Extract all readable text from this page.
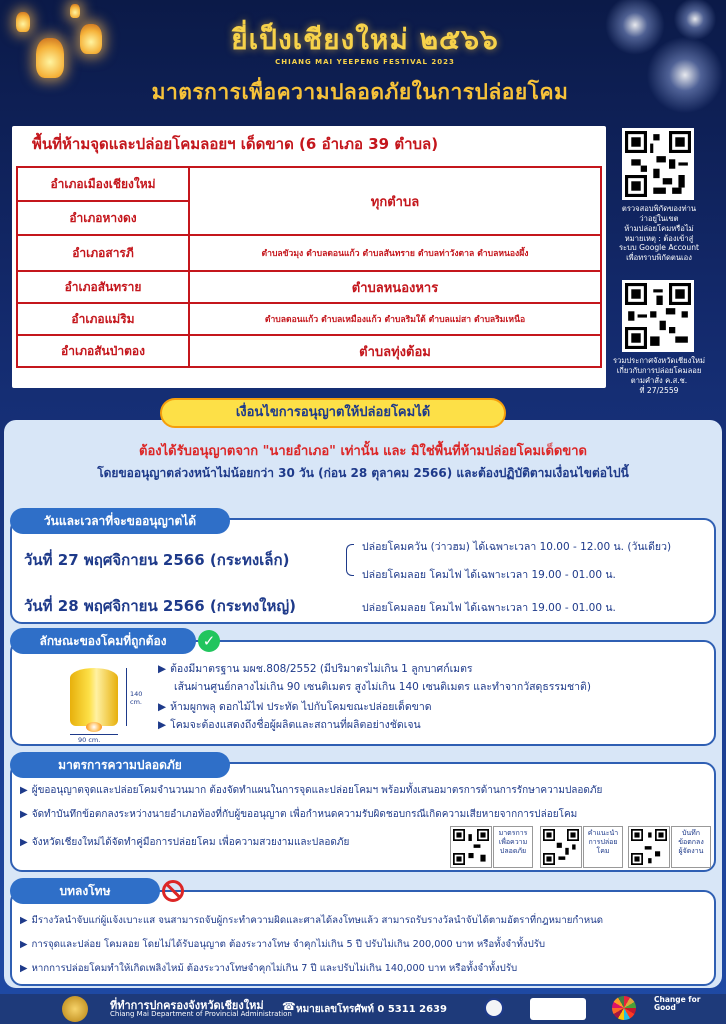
ยี่เป็งเชียงใหม่ ๒๕๖๖
CHIANG MAI YEEPENG FESTIVAL 2023
มาตรการเพื่อความปลอดภัยในการปล่อยโคม
พื้นที่ห้ามจุดและปล่อยโคมลอยฯ เด็ดขาด (6 อำเภอ 39 ตำบล)
อำเภอเมืองเชียงใหม่	ทุกตำบล
อำเภอหางดง	
อำเภอสารภี	ตำบลขัวมุง ตำบลดอนแก้ว ตำบลสันทราย ตำบลท่าวังตาล ตำบลหนองผึ้ง
อำเภอสันทราย	ตำบลหนองหาร
อำเภอแม่ริม	ตำบลดอนแก้ว ตำบลเหมืองแก้ว ตำบลริมใต้ ตำบลแม่สา ตำบลริมเหนือ
อำเภอสันป่าตอง	ตำบลทุ่งต้อม
ตรวจสอบพิกัดของท่าน
ว่าอยู่ในเขต
ห้ามปล่อยโคมหรือไม่
หมายเหตุ : ต้องเข้าสู่
ระบบ Google Account
เพื่อทราบพิกัดตนเอง
รวมประกาศจังหวัดเชียงใหม่
เกี่ยวกับการปล่อยโคมลอย
ตามคำสั่ง ค.ส.ช.
ที่ 27/2559
เงื่อนไขการอนุญาตให้ปล่อยโคมได้
ต้องได้รับอนุญาตจาก "นายอำเภอ" เท่านั้น และ มิใช่พื้นที่ห้ามปล่อยโคมเด็ดขาด
โดยขออนุญาตล่วงหน้าไม่น้อยกว่า 30 วัน (ก่อน 28 ตุลาคม 2566) และต้องปฏิบัติตามเงื่อนไขต่อไปนี้
วันและเวลาที่จะขออนุญาตได้
วันที่ 27 พฤศจิกายน 2566 (กระทงเล็ก)
ปล่อยโคมควัน (ว่าวฮม) ได้เฉพาะเวลา 10.00 - 12.00 น. (วันเดียว)
ปล่อยโคมลอย โคมไฟ ได้เฉพาะเวลา 19.00 - 01.00 น.
วันที่ 28 พฤศจิกายน 2566 (กระทงใหญ่)	ปล่อยโคมลอย โคมไฟ ได้เฉพาะเวลา 19.00 - 01.00 น.
ลักษณะของโคมที่ถูกต้อง	✓
140 cm.
90 cm.
▶ ต้องมีมาตรฐาน มผช.808/2552 (มีปริมาตรไม่เกิน 1 ลูกบาศก์เมตร
เส้นผ่านศูนย์กลางไม่เกิน 90 เซนติเมตร สูงไม่เกิน 140 เซนติเมตร และทำจากวัสดุธรรมชาติ)
▶ ห้ามผูกพลุ ดอกไม้ไฟ ประทัด ไปกับโคมขณะปล่อยเด็ดขาด
▶ โคมจะต้องแสดงถึงชื่อผู้ผลิตและสถานที่ผลิตอย่างชัดเจน
มาตรการความปลอดภัย
▶ ผู้ขออนุญาตจุดและปล่อยโคมจำนวนมาก ต้องจัดทำแผนในการจุดและปล่อยโคมฯ พร้อมทั้งเสนอมาตรการด้านการรักษาความปลอดภัย
▶ จัดทำบันทึกข้อตกลงระหว่างนายอำเภอท้องที่กับผู้ขออนุญาต เพื่อกำหนดความรับผิดชอบกรณีเกิดความเสียหายจากการปล่อยโคม
▶ จังหวัดเชียงใหม่ได้จัดทำคู่มือการปล่อยโคม เพื่อความสวยงามและปลอดภัย
มาตรการ
เพื่อความ
ปลอดภัย
คำแนะนำ
การปล่อย
โคม
บันทึก
ข้อตกลง
ผู้จัดงาน
บทลงโทษ
▶ มีรางวัลนำจับแก่ผู้แจ้งเบาะแส จนสามารถจับผู้กระทำความผิดและศาลได้ลงโทษแล้ว สามารถรับรางวัลนำจับได้ตามอัตราที่กฎหมายกำหนด
▶ การจุดและปล่อย โคมลอย โดยไม่ได้รับอนุญาต ต้องระวางโทษ จำคุกไม่เกิน 5 ปี ปรับไม่เกิน 200,000 บาท หรือทั้งจำทั้งปรับ
▶ หากการปล่อยโคมทำให้เกิดเพลิงไหม้ ต้องระวางโทษจำคุกไม่เกิน 7 ปี และปรับไม่เกิน 140,000 บาท หรือทั้งจำทั้งปรับ
ที่ทำการปกครองจังหวัดเชียงใหม่
Chiang Mai Department of Provincial Administration
☎ หมายเลขโทรศัพท์ 0 5311 2639
Change for Good
